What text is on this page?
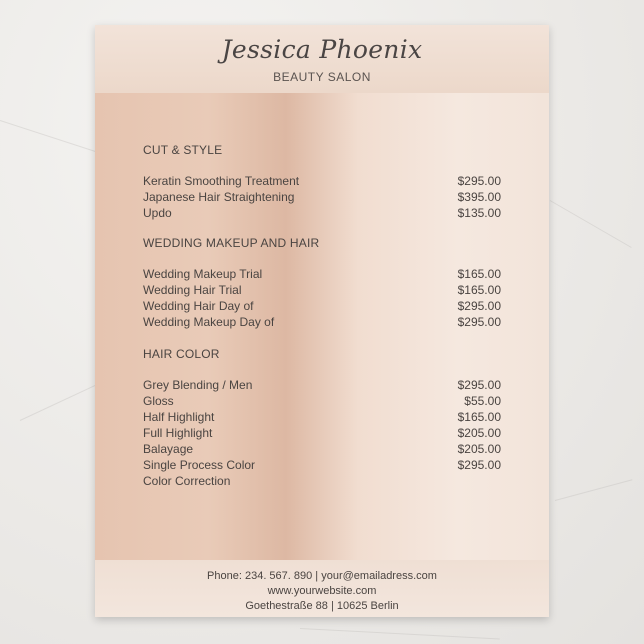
Jessica Phoenix
BEAUTY SALON
CUT & STYLE
Keratin Smoothing Treatment	$295.00
Japanese Hair Straightening	$395.00
Updo	$135.00
WEDDING MAKEUP AND HAIR
Wedding Makeup Trial	$165.00
Wedding Hair Trial	$165.00
Wedding Hair Day of	$295.00
Wedding Makeup Day of	$295.00
HAIR COLOR
Grey Blending / Men	$295.00
Gloss	$55.00
Half Highlight	$165.00
Full Highlight	$205.00
Balayage	$205.00
Single Process Color	$295.00
Color Correction
Phone: 234. 567. 890 | your@emailadress.com
www.yourwebsite.com
Goethestraße 88 | 10625 Berlin
